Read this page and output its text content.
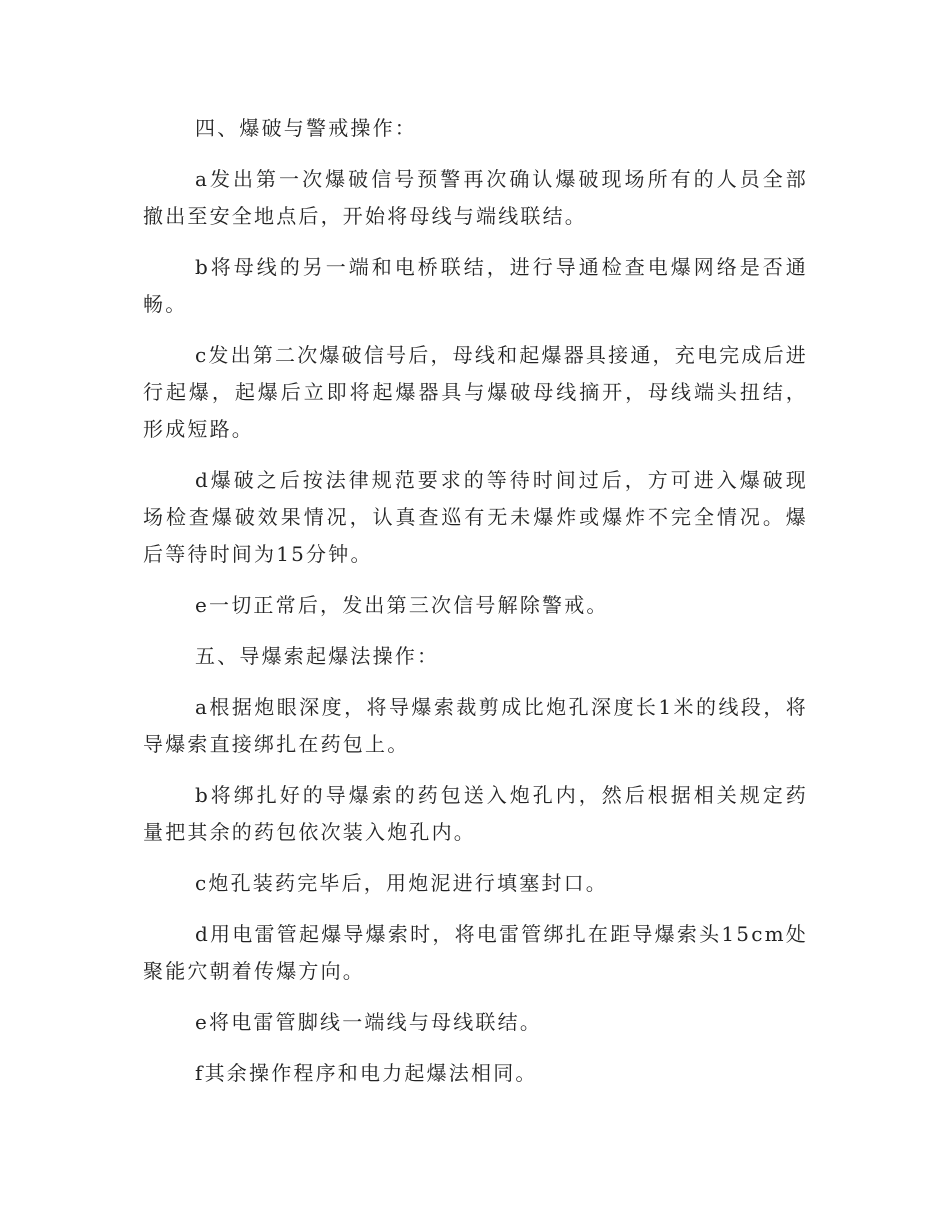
四、爆破与警戒操作：

a发出第一次爆破信号预警再次确认爆破现场所有的人员全部撤出至安全地点后，开始将母线与端线联结。

b将母线的另一端和电桥联结，进行导通检查电爆网络是否通畅。

c发出第二次爆破信号后，母线和起爆器具接通，充电完成后进行起爆，起爆后立即将起爆器具与爆破母线摘开，母线端头扭结，形成短路。

d爆破之后按法律规范要求的等待时间过后，方可进入爆破现场检查爆破效果情况，认真查巡有无未爆炸或爆炸不完全情况。爆后等待时间为15分钟。

e一切正常后，发出第三次信号解除警戒。

五、导爆索起爆法操作：

a根据炮眼深度，将导爆索裁剪成比炮孔深度长1米的线段，将导爆索直接绑扎在药包上。

b将绑扎好的导爆索的药包送入炮孔内，然后根据相关规定药量把其余的药包依次装入炮孔内。

c炮孔装药完毕后，用炮泥进行填塞封口。

d用电雷管起爆导爆索时，将电雷管绑扎在距导爆索头15cm处聚能穴朝着传爆方向。

e将电雷管脚线一端线与母线联结。

f其余操作程序和电力起爆法相同。
